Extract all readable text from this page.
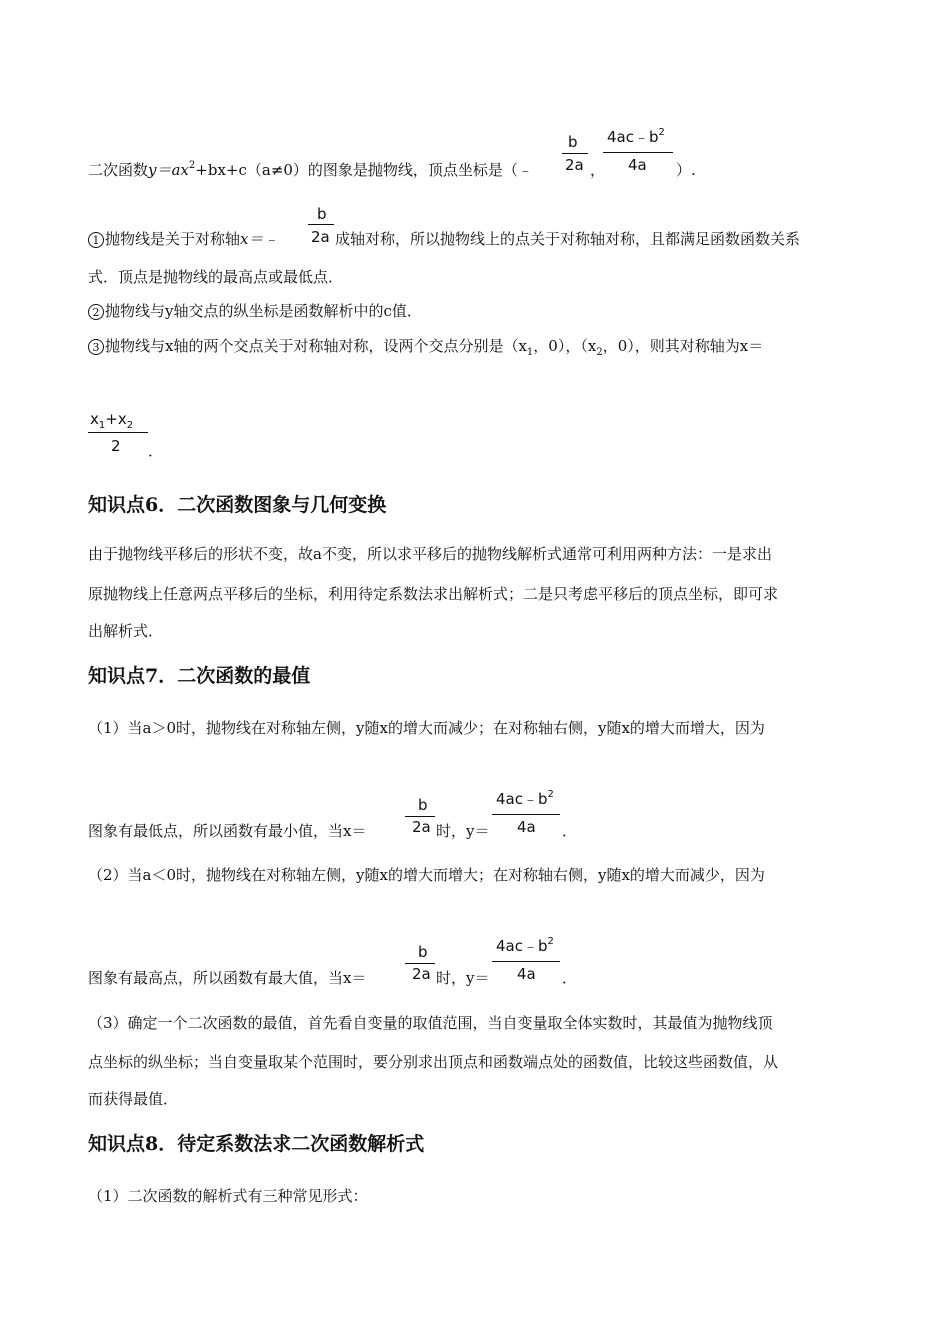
二次函数$y=ax^2+bx+c(a\ne 0)$的图象是抛物线，顶点坐标是（﹣
b
2a ，
$4ac﹣b^2$
4a ）.
1 抛物线是关于对称轴x＝﹣
b
2a 成轴对称，所以抛物线上的点关于对称轴对称，且都满足函数函数关系
式．顶点是抛物线的最高点或最低点．
2 抛物线与y轴交点的纵坐标是函数解析中的c值．
3 抛物线与x轴的两个交点关于对称轴对称，设两个交点分别是（$x_1$，0），（$x_2$，0），则其对称轴为x＝
$x_1+x_2$
2 ．
知识点6．二次函数图象与几何变换
由于抛物线平移后的形状不变，故a不变，所以求平移后的抛物线解析式通常可利用两种方法：一是求出
原抛物线上任意两点平移后的坐标，利用待定系数法求出解析式；二是只考虑平移后的顶点坐标，即可求
出解析式．
知识点7．二次函数的最值
（1）当a＞0时，抛物线在对称轴左侧，y随x的增大而减少；在对称轴右侧，y随x的增大而增大，因为
图象有最低点，所以函数有最小值，当x＝
b
2a 时，y＝
$4ac﹣b^2$
4a ．
（2）当a＜0时，抛物线在对称轴左侧，y随x的增大而增大；在对称轴右侧，y随x的增大而减少，因为
图象有最高点，所以函数有最大值，当x＝
b
2a 时，y＝
$4ac﹣b^2$
4a ．
（3）确定一个二次函数的最值，首先看自变量的取值范围，当自变量取全体实数时，其最值为抛物线顶
点坐标的纵坐标；当自变量取某个范围时，要分别求出顶点和函数端点处的函数值，比较这些函数值，从
而获得最值．
知识点8．待定系数法求二次函数解析式
（1）二次函数的解析式有三种常见形式：
